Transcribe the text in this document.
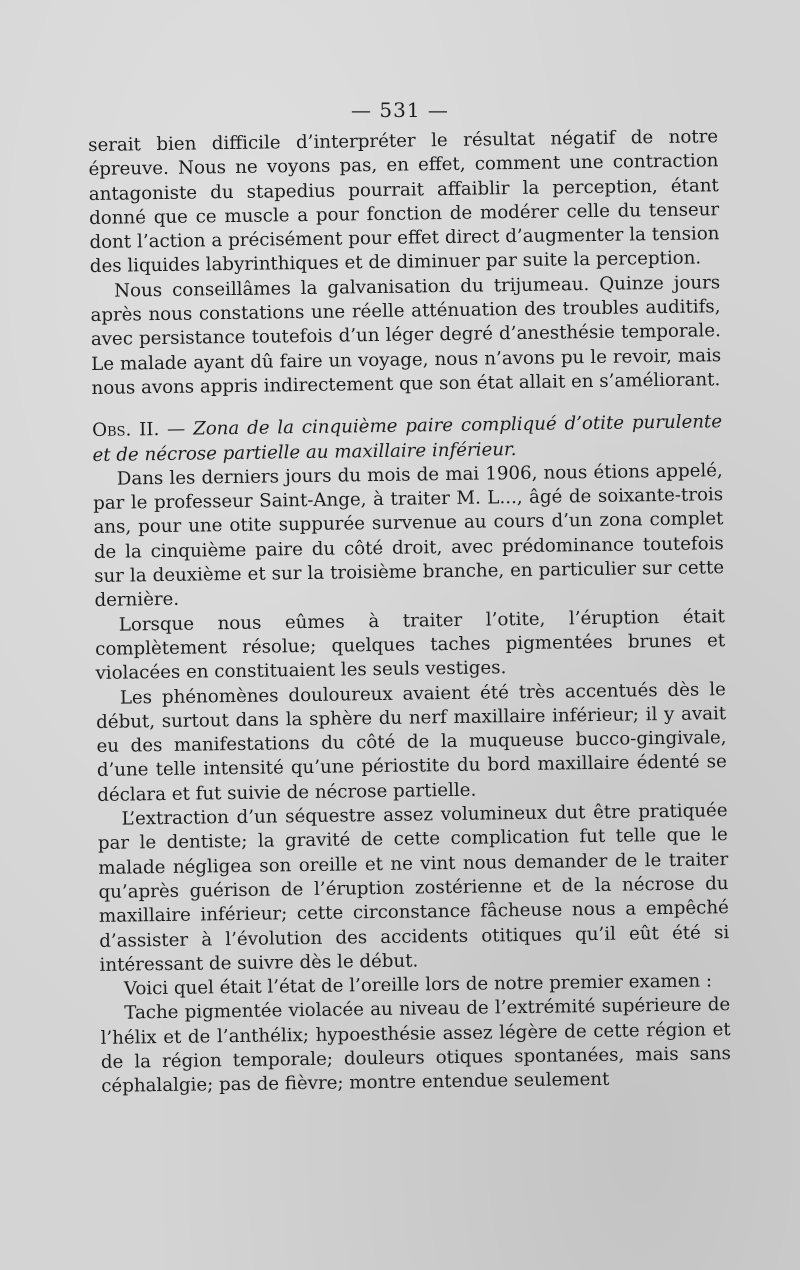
— 531 —

serait bien difficile d’interpréter le résultat négatif de notre épreuve. Nous ne voyons pas, en effet, comment une contraction antagoniste du stapedius pourrait affaiblir la perception, étant donné que ce muscle a pour fonction de modérer celle du tenseur dont l’action a précisément pour effet direct d’augmenter la tension des liquides labyrinthiques et de diminuer par suite la perception.

Nous conseillâmes la galvanisation du trijumeau. Quinze jours après nous constations une réelle atténuation des troubles auditifs, avec persistance toutefois d’un léger degré d’anesthésie temporale. Le malade ayant dû faire un voyage, nous n’avons pu le revoir, mais nous avons appris indirectement que son état allait en s’améliorant.

Obs. II. — Zona de la cinquième paire compliqué d’otite purulente et de nécrose partielle au maxillaire inférieur.

Dans les derniers jours du mois de mai 1906, nous étions appelé, par le professeur Saint-Ange, à traiter M. L..., âgé de soixante-trois ans, pour une otite suppurée survenue au cours d’un zona complet de la cinquième paire du côté droit, avec prédominance toutefois sur la deuxième et sur la troisième branche, en particulier sur cette dernière.

Lorsque nous eûmes à traiter l’otite, l’éruption était complètement résolue; quelques taches pigmentées brunes et violacées en constituaient les seuls vestiges.

Les phénomènes douloureux avaient été très accentués dès le début, surtout dans la sphère du nerf maxillaire inférieur; il y avait eu des manifestations du côté de la muqueuse bucco-gingivale, d’une telle intensité qu’une périostite du bord maxillaire édenté se déclara et fut suivie de nécrose partielle.

L’extraction d’un séquestre assez volumineux dut être pratiquée par le dentiste; la gravité de cette complication fut telle que le malade négligea son oreille et ne vint nous demander de le traiter qu’après guérison de l’éruption zostérienne et de la nécrose du maxillaire inférieur; cette circonstance fâcheuse nous a empêché d’assister à l’évolution des accidents otitiques qu’il eût été si intéressant de suivre dès le début.

Voici quel était l’état de l’oreille lors de notre premier examen :

Tache pigmentée violacée au niveau de l’extrémité supérieure de l’hélix et de l’anthélix; hypoesthésie assez légère de cette région et de la région temporale; douleurs otiques spontanées, mais sans céphalalgie; pas de fièvre; montre entendue seulement
